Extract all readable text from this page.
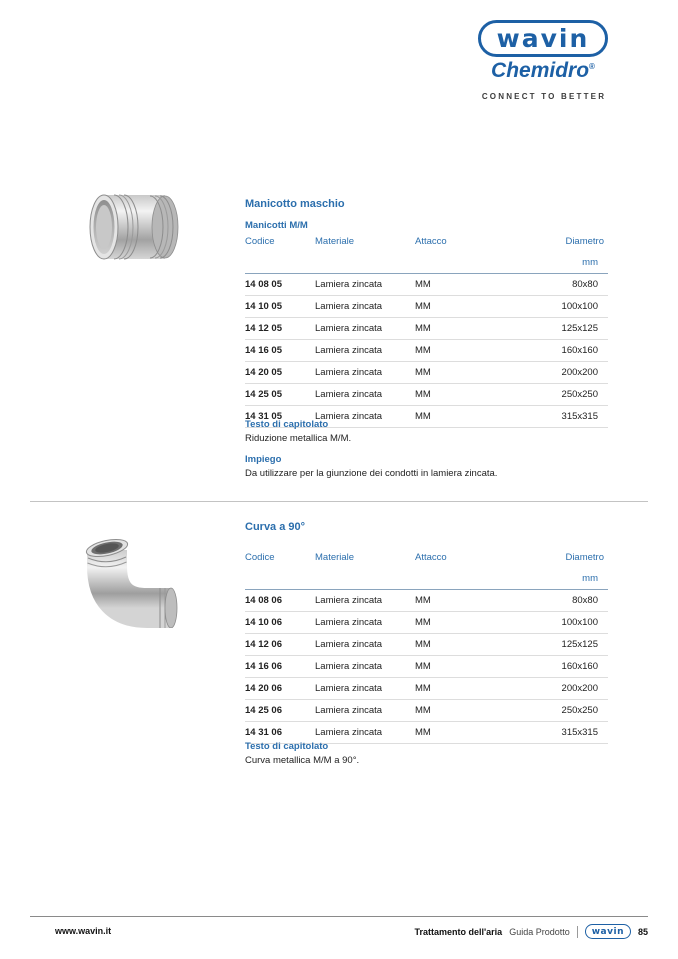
wavin
Chemidro®
CONNECT TO BETTER
Manicotto maschio
Manicotti M/M
Codice	Materiale	Attacco	Diametro
mm			
14 08 05	Lamiera zincata	MM	80x80
14 10 05	Lamiera zincata	MM	100x100
14 12 05	Lamiera zincata	MM	125x125
14 16 05	Lamiera zincata	MM	160x160
14 20 05	Lamiera zincata	MM	200x200
14 25 05	Lamiera zincata	MM	250x250
14 31 05	Lamiera zincata	MM	315x315
Testo di capitolato
Riduzione metallica M/M.
Impiego
Da utilizzare per la giunzione dei condotti in lamiera zincata.
Curva a 90°
Codice	Materiale	Attacco	Diametro
mm			
14 08 06	Lamiera zincata	MM	80x80
14 10 06	Lamiera zincata	MM	100x100
14 12 06	Lamiera zincata	MM	125x125
14 16 06	Lamiera zincata	MM	160x160
14 20 06	Lamiera zincata	MM	200x200
14 25 06	Lamiera zincata	MM	250x250
14 31 06	Lamiera zincata	MM	315x315
Testo di capitolato
Curva metallica M/M a 90°.
www.wavin.it	Trattamento dell'aria Guida Prodotto	wavin	85
